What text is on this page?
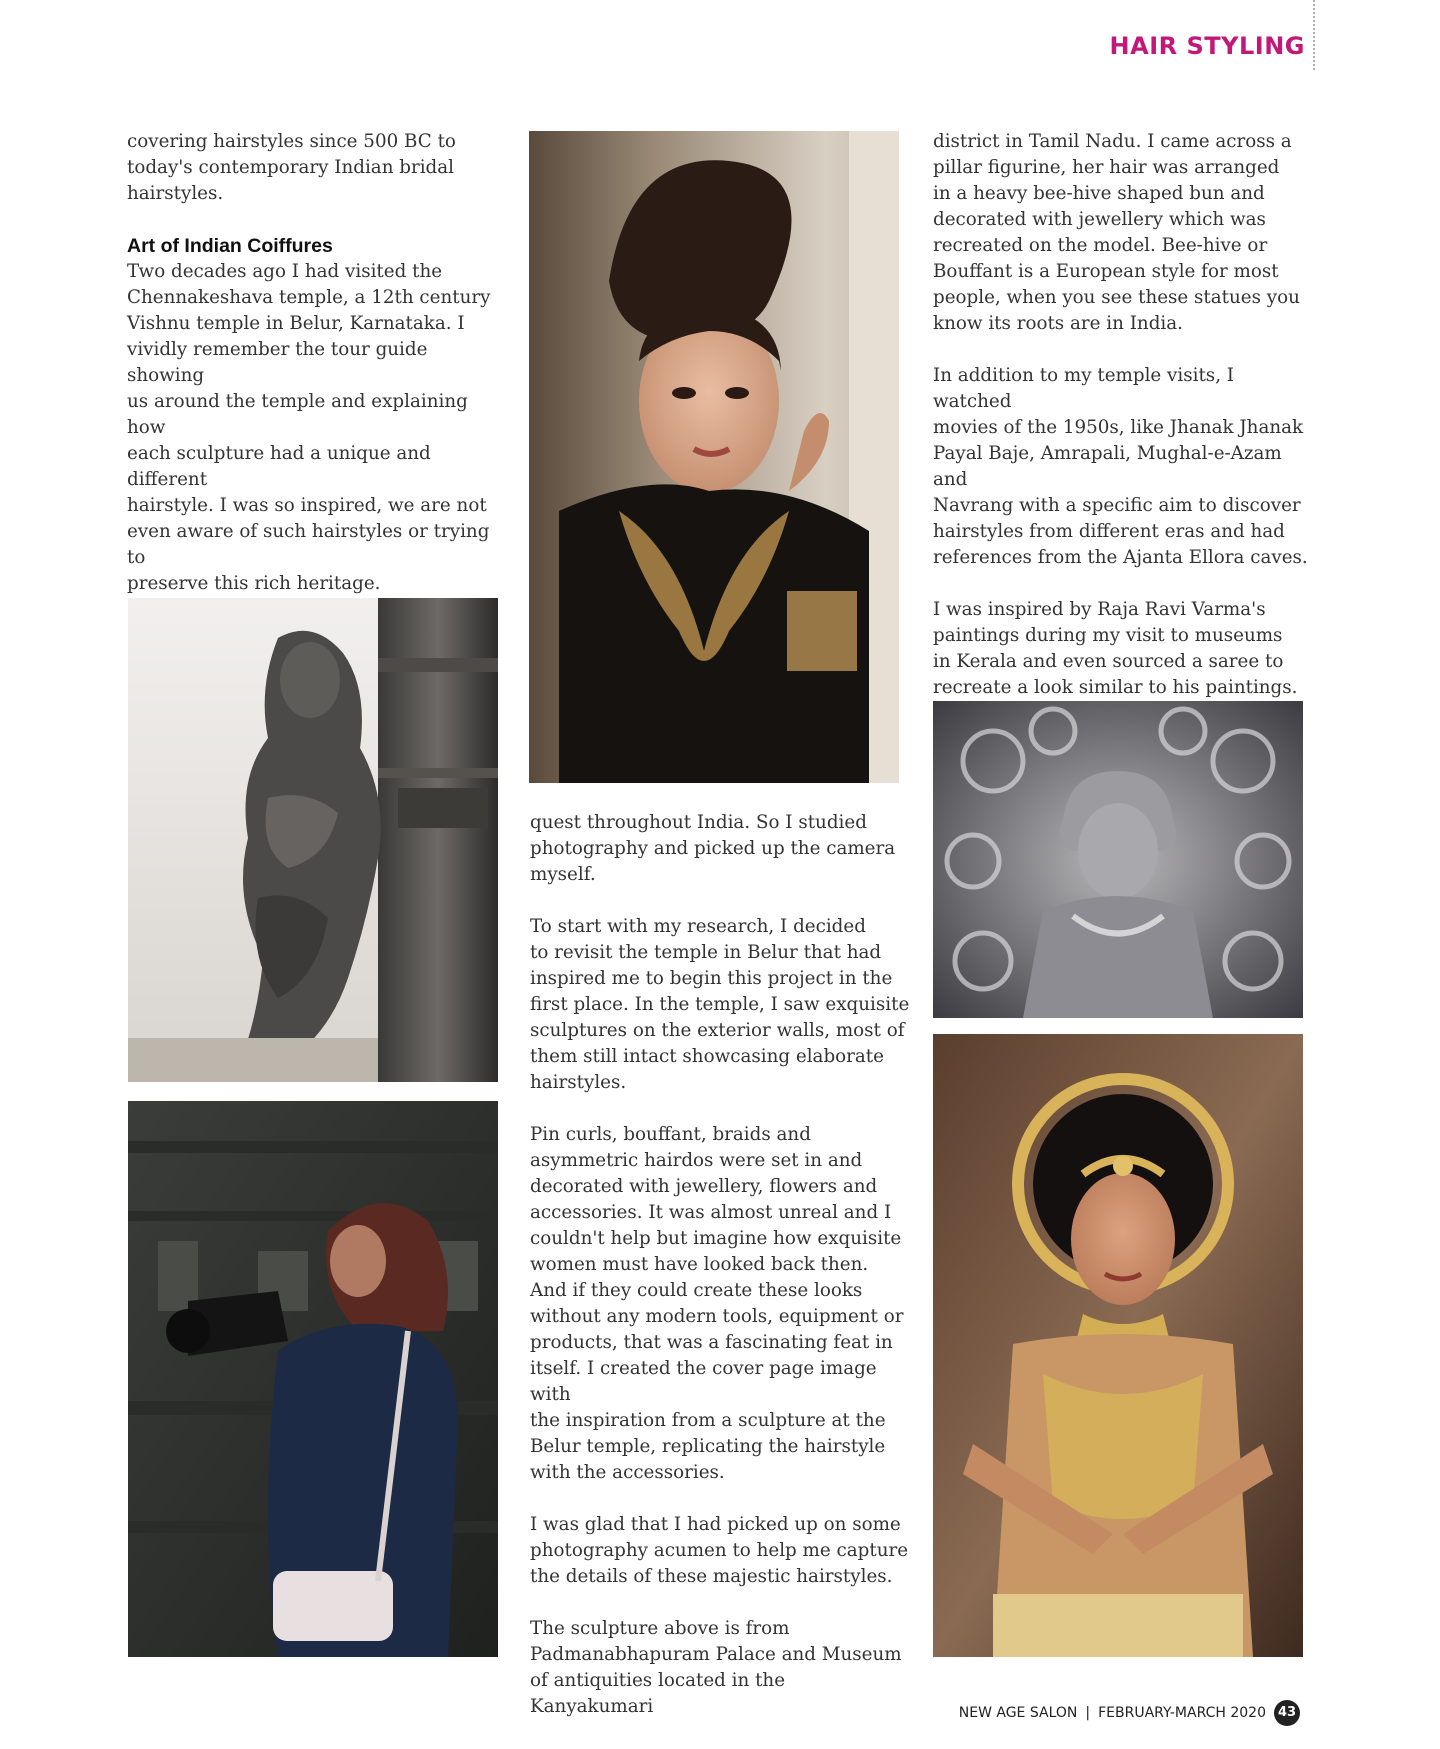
HAIR STYLING

covering hairstyles since 500 BC to
today's contemporary Indian bridal
hairstyles.

Art of Indian Coiffures

Two decades ago I had visited the
Chennakeshava temple, a 12th century
Vishnu temple in Belur, Karnataka. I
vividly remember the tour guide showing
us around the temple and explaining how
each sculpture had a unique and different
hairstyle. I was so inspired, we are not
even aware of such hairstyles or trying to
preserve this rich heritage.

quest throughout India. So I studied
photography and picked up the camera
myself.

To start with my research, I decided
to revisit the temple in Belur that had
inspired me to begin this project in the
first place. In the temple, I saw exquisite
sculptures on the exterior walls, most of
them still intact showcasing elaborate
hairstyles.

Pin curls, bouffant, braids and
asymmetric hairdos were set in and
decorated with jewellery, flowers and
accessories. It was almost unreal and I
couldn't help but imagine how exquisite
women must have looked back then.
And if they could create these looks
without any modern tools, equipment or
products, that was a fascinating feat in
itself. I created the cover page image with
the inspiration from a sculpture at the
Belur temple, replicating the hairstyle
with the accessories.

I was glad that I had picked up on some
photography acumen to help me capture
the details of these majestic hairstyles.

The sculpture above is from
Padmanabhapuram Palace and Museum
of antiquities located in the Kanyakumari

district in Tamil Nadu. I came across a
pillar figurine, her hair was arranged
in a heavy bee-hive shaped bun and
decorated with jewellery which was
recreated on the model. Bee-hive or
Bouffant is a European style for most
people, when you see these statues you
know its roots are in India.

In addition to my temple visits, I watched
movies of the 1950s, like Jhanak Jhanak
Payal Baje, Amrapali, Mughal-e-Azam and
Navrang with a specific aim to discover
hairstyles from different eras and had
references from the Ajanta Ellora caves.

I was inspired by Raja Ravi Varma's
paintings during my visit to museums
in Kerala and even sourced a saree to
recreate a look similar to his paintings.

NEW AGE SALON | FEBRUARY-MARCH 2020 43
